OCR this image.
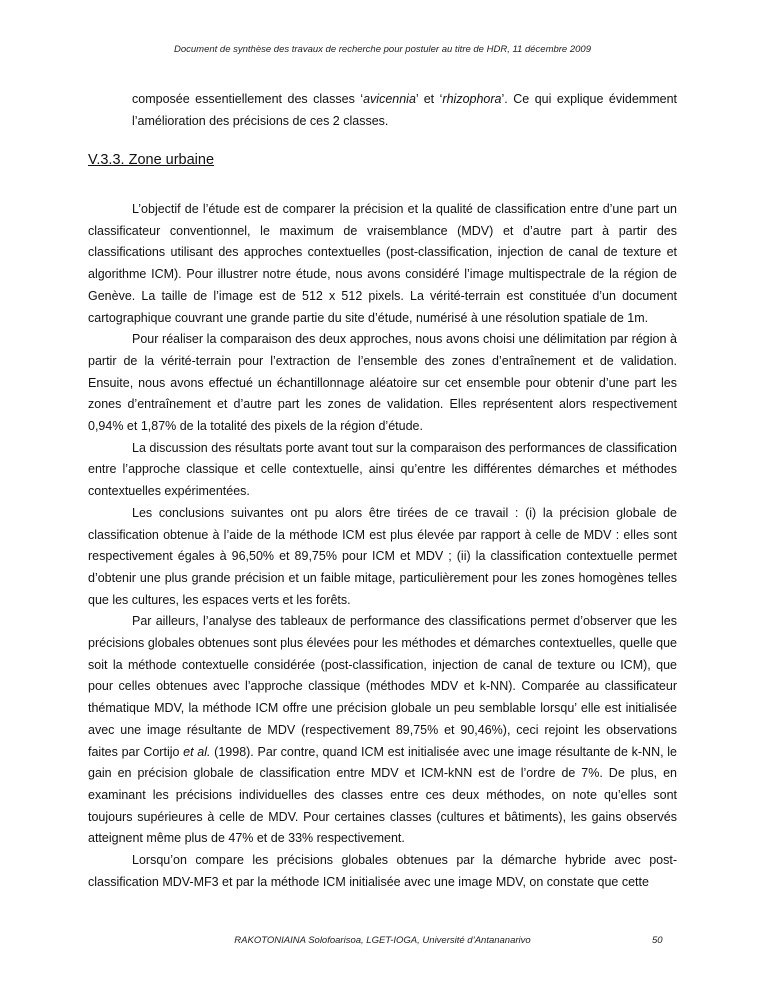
Document de synthèse des travaux de recherche pour postuler au titre de HDR, 11 décembre 2009
composée essentiellement des classes ‘avicennia’ et ‘rhizophora’. Ce qui explique évidemment l’amélioration des précisions de ces 2 classes.
V.3.3. Zone urbaine

L’objectif de l’étude est de comparer la précision et la qualité de classification entre d’une part un classificateur conventionnel, le maximum de vraisemblance (MDV) et d’autre part à partir des classifications utilisant des approches contextuelles (post-classification, injection de canal de texture et algorithme ICM). Pour illustrer notre étude, nous avons considéré l’image multispectrale de la région de Genève. La taille de l’image est de 512 x 512 pixels. La vérité-terrain est constituée d’un document cartographique couvrant une grande partie du site d’étude, numérisé à une résolution spatiale de 1m.

Pour réaliser la comparaison des deux approches, nous avons choisi une délimitation par région à partir de la vérité-terrain pour l’extraction de l’ensemble des zones d’entraînement et de validation. Ensuite, nous avons effectué un échantillonnage aléatoire sur cet ensemble pour obtenir d’une part les zones d’entraînement et d’autre part les zones de validation. Elles représentent alors respectivement 0,94% et 1,87% de la totalité des pixels de la région d’étude.

La discussion des résultats porte avant tout sur la comparaison des performances de classification entre l’approche classique et celle contextuelle, ainsi qu’entre les différentes démarches et méthodes contextuelles expérimentées.

Les conclusions suivantes ont pu alors être tirées de ce travail : (i) la précision globale de classification obtenue à l’aide de la méthode ICM est plus élevée par rapport à celle de MDV : elles sont respectivement égales à 96,50% et 89,75% pour ICM et MDV ; (ii) la classification contextuelle permet d’obtenir une plus grande précision et un faible mitage, particulièrement pour les zones homogènes telles que les cultures, les espaces verts et les forêts.

Par ailleurs, l’analyse des tableaux de performance des classifications permet d’observer que les précisions globales obtenues sont plus élevées pour les méthodes et démarches contextuelles, quelle que soit la méthode contextuelle considérée (post-classification, injection de canal de texture ou ICM), que pour celles obtenues avec l’approche classique (méthodes MDV et k-NN). Comparée au classificateur thématique MDV, la méthode ICM offre une précision globale un peu semblable lorsqu’ elle est initialisée avec une image résultante de MDV (respectivement 89,75% et 90,46%), ceci rejoint les observations faites par Cortijo et al. (1998). Par contre, quand ICM est initialisée avec une image résultante de k-NN, le gain en précision globale de classification entre MDV et ICM-kNN est de l’ordre de 7%. De plus, en examinant les précisions individuelles des classes entre ces deux méthodes, on note qu’elles sont toujours supérieures à celle de MDV. Pour certaines classes (cultures et bâtiments), les gains observés atteignent même plus de 47% et de 33% respectivement.

Lorsqu’on compare les précisions globales obtenues par la démarche hybride avec post-classification MDV-MF3 et par la méthode ICM initialisée avec une image MDV, on constate que cette

RAKOTONIAINA Solofoarisoa, LGET-IOGA, Université d’Antananarivo	50
